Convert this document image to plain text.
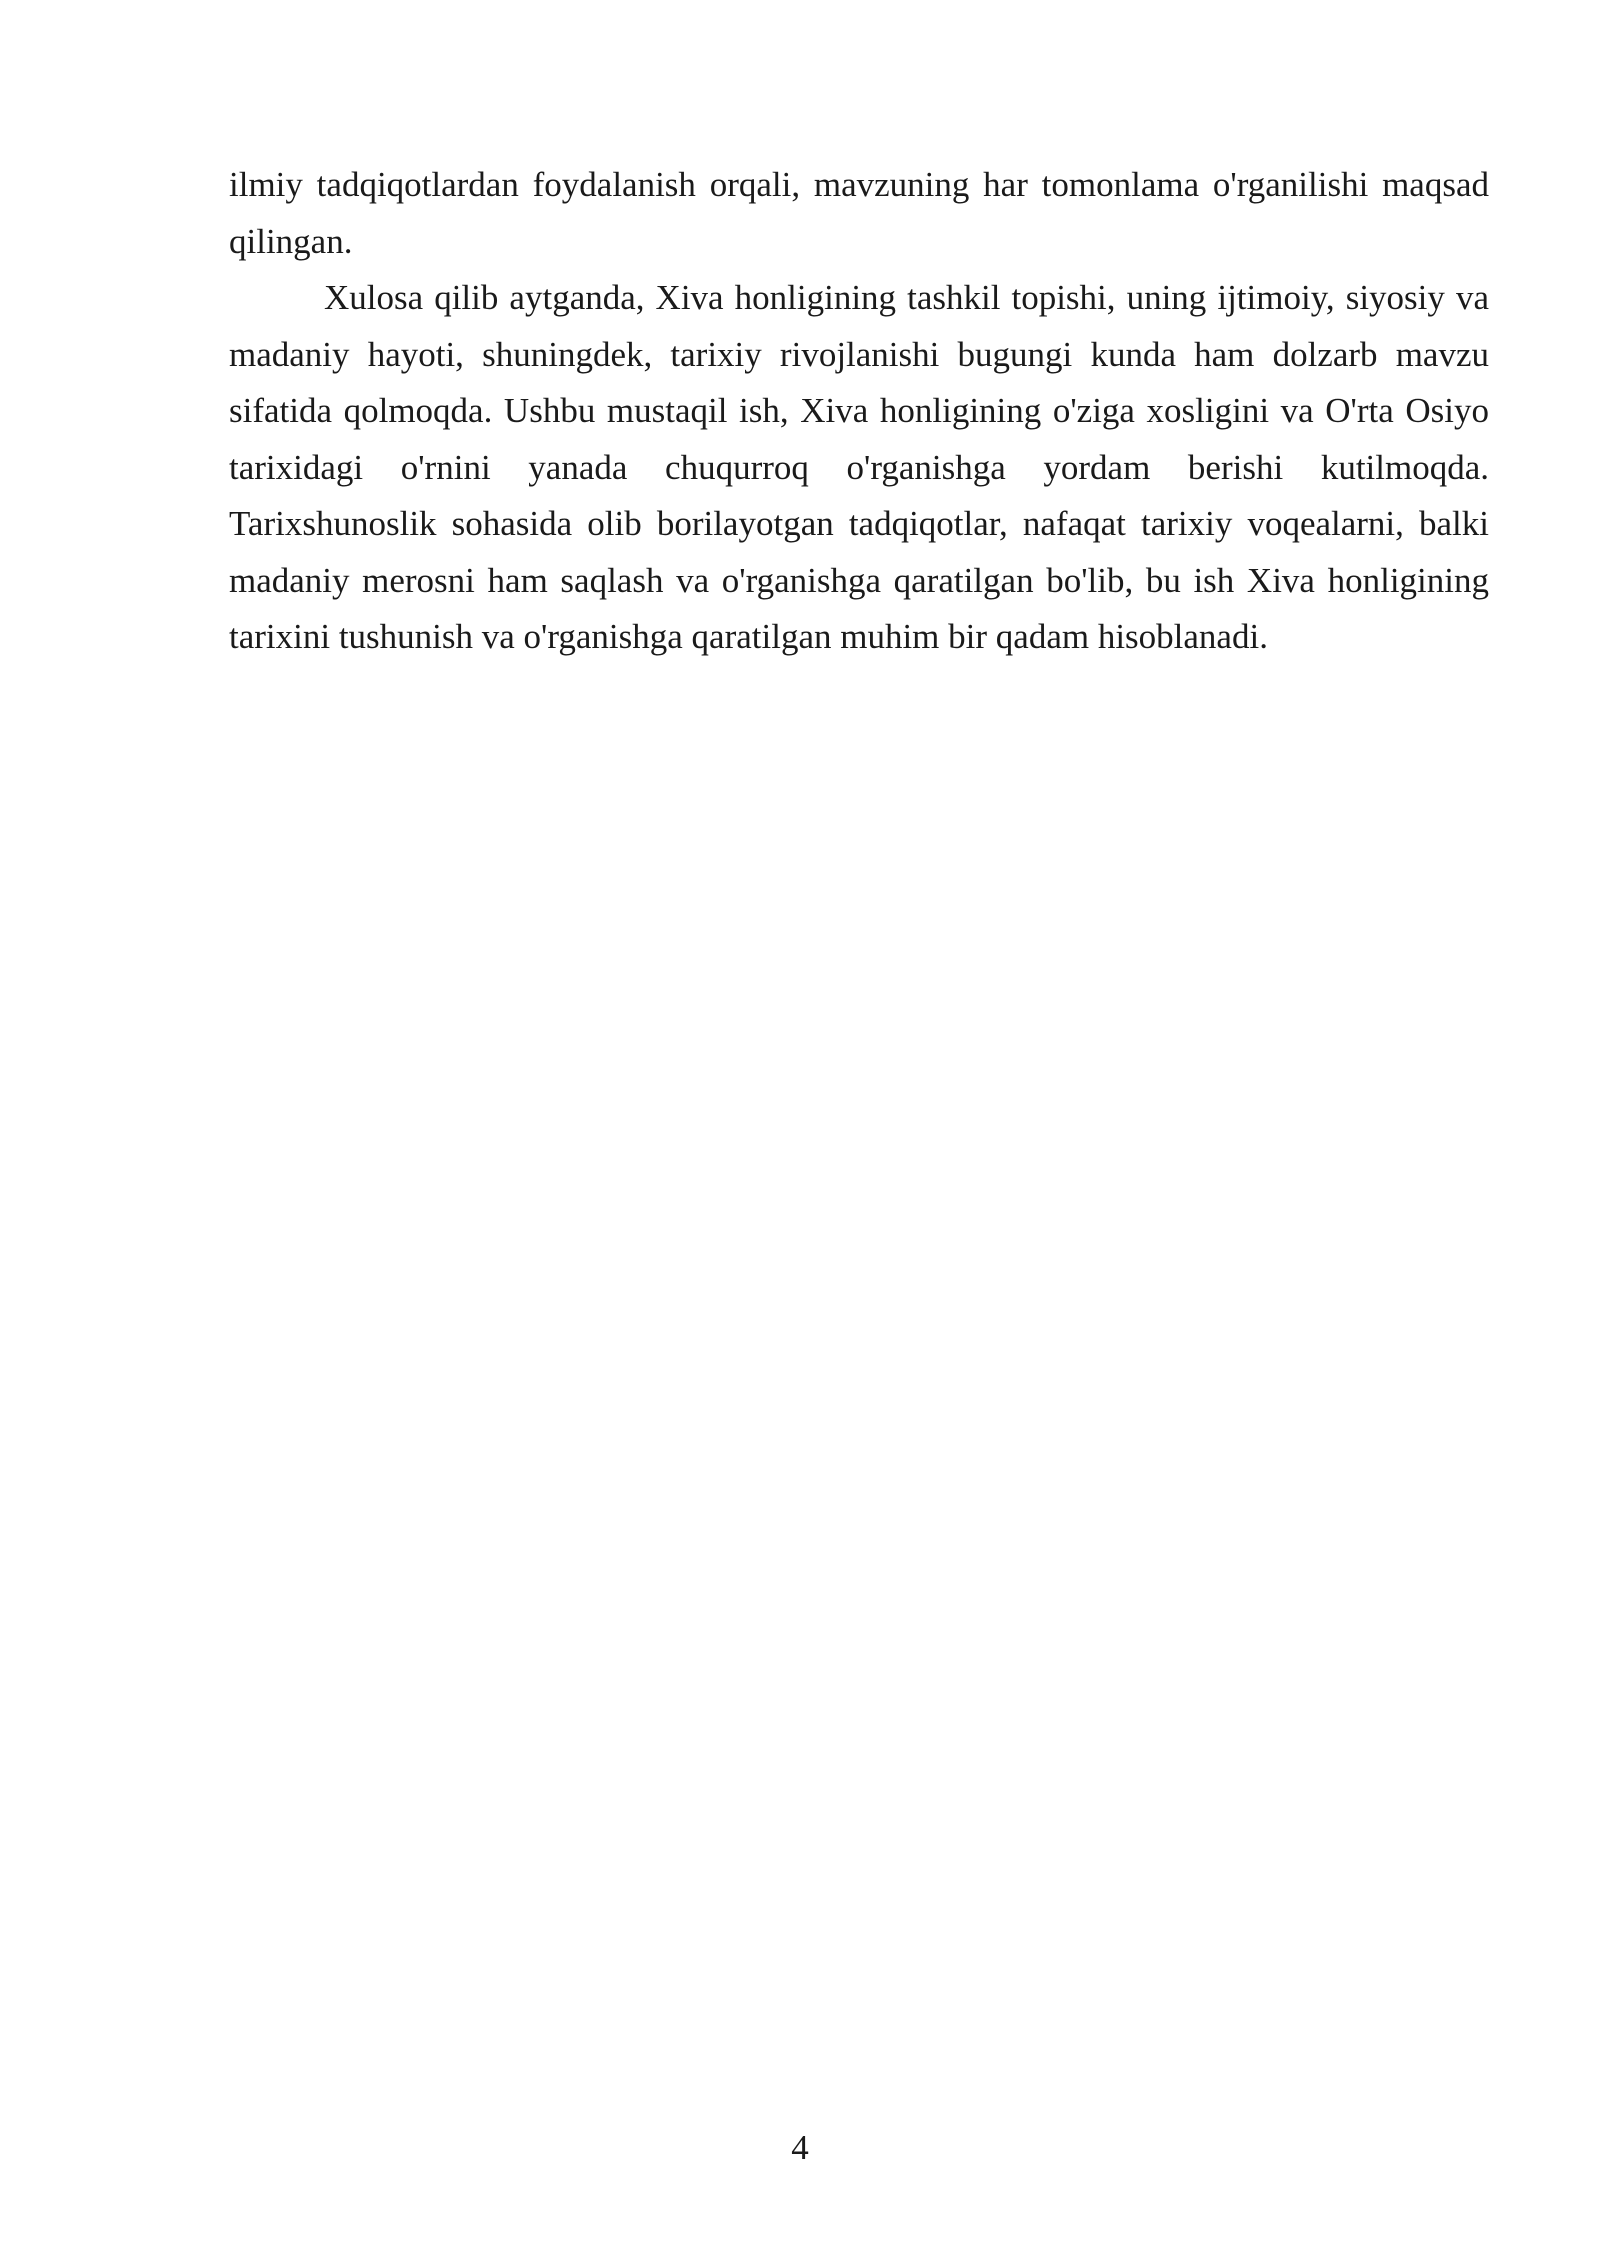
ilmiy tadqiqotlardan foydalanish orqali, mavzuning har tomonlama o'rganilishi maqsad qilingan.

Xulosa qilib aytganda, Xiva honligining tashkil topishi, uning ijtimoiy, siyosiy va madaniy hayoti, shuningdek, tarixiy rivojlanishi bugungi kunda ham dolzarb mavzu sifatida qolmoqda. Ushbu mustaqil ish, Xiva honligining o'ziga xosligini va O'rta Osiyo tarixidagi o'rnini yanada chuqurroq o'rganishga yordam berishi kutilmoqda. Tarixshunoslik sohasida olib borilayotgan tadqiqotlar, nafaqat tarixiy voqealarni, balki madaniy merosni ham saqlash va o'rganishga qaratilgan bo'lib, bu ish Xiva honligining tarixini tushunish va o'rganishga qaratilgan muhim bir qadam hisoblanadi.

4
